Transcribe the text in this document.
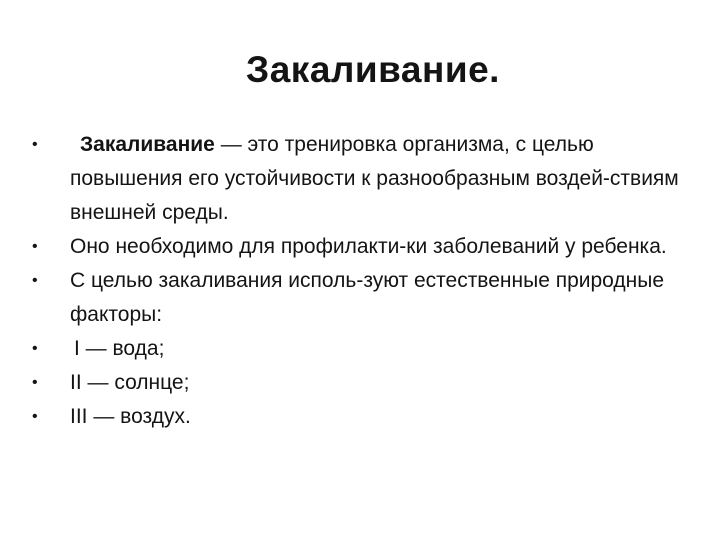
Закаливание.
•	Закаливание — это тренировка организма, с целью повышения его устойчивости к разнообразным воздей-ствиям внешней среды.
•	Оно необходимо для профилакти-ки заболеваний у ребенка.
•	С целью закаливания исполь-зуют естественные природные факторы:
•	I — вода;
•	II — солнце;
•	III — воздух.
